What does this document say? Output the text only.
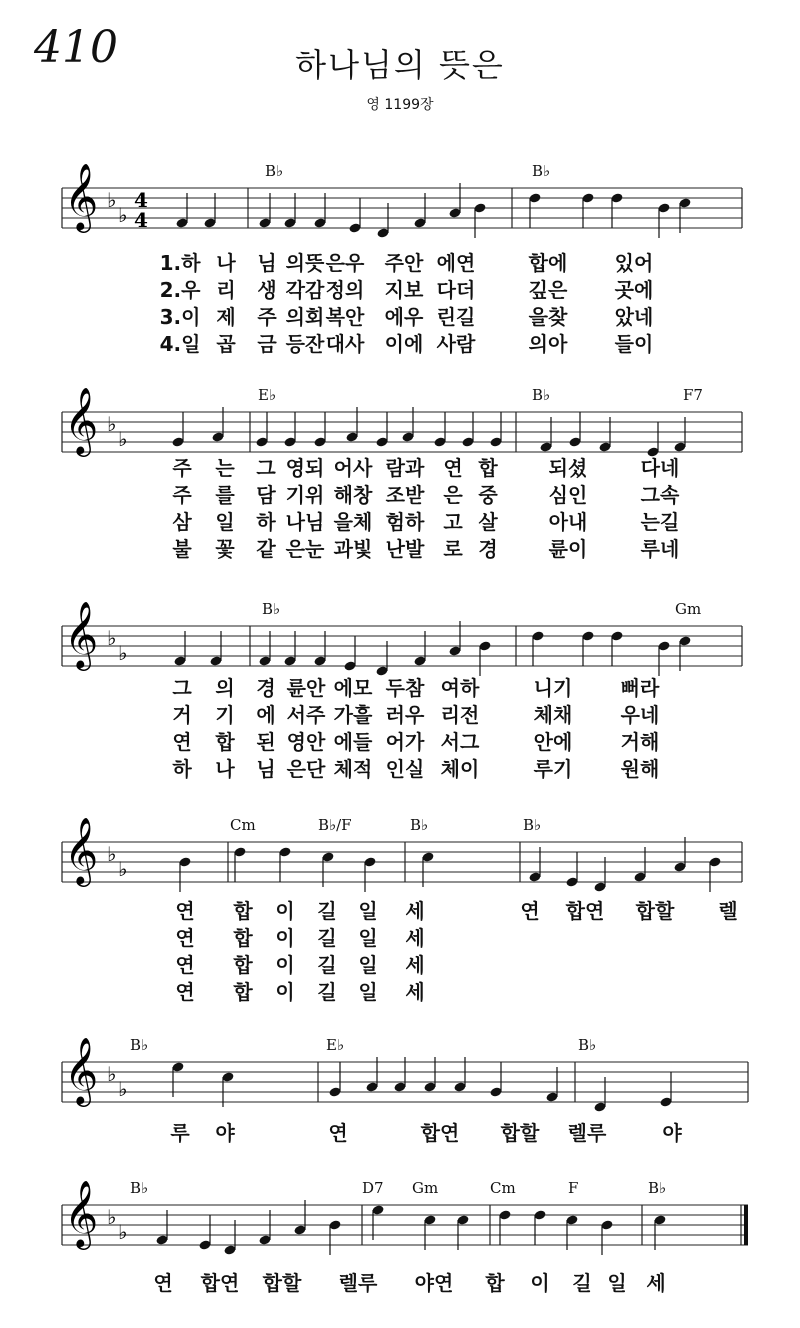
410	하나님의 뜻은
영 1199장
𝄞 ♭
♭
4
4
B♭	B♭
1.하 나 님 의뜻 은우 주안 에연	합에 있어
2.우 리 생 각감 정의 지보 다더	깊은 곳에
3.이 제 주 의회 복안 에우 린길	을찾 았네
4.일 곱 금 등잔 대사 이에 사람	의아 들이
𝄞 ♭
♭
E♭	B♭	F7
주 는 그 영되 어사 람과 연 합	되셨	다네
주 를 담 기위 해창 조받 은 중	심인	그속
삼 일 하 나님 을체 험하 고 살	아내	는길
불 꽃 같 은눈 과빛 난발 로 경	륜이	루네
𝄞 ♭
♭
B♭	Gm
그 의 경 륜안 에모 두참 여하	니기 뻐라
거 기 에 서주 가흘 러우 리전	체채 우네
연 합 된 영안 에들 어가 서그	안에 거해
하 나 님 은단 체적 인실 체이	루기 원해
𝄞 ♭
♭
Cm	B♭/F	B♭	B♭
연 합 이 길 일 세	연 합연 합할 렐
연 합 이 길 일 세
연 합 이 길 일 세
연 합 이 길 일 세
𝄞 ♭
♭
B♭	E♭	B♭
루 야	연	합연 합할 렐루	야
𝄞 ♭
♭
B♭	D7 Gm	Cm	F	B♭
연 합연 합할 렐루 야연 합 이 길 일 세
